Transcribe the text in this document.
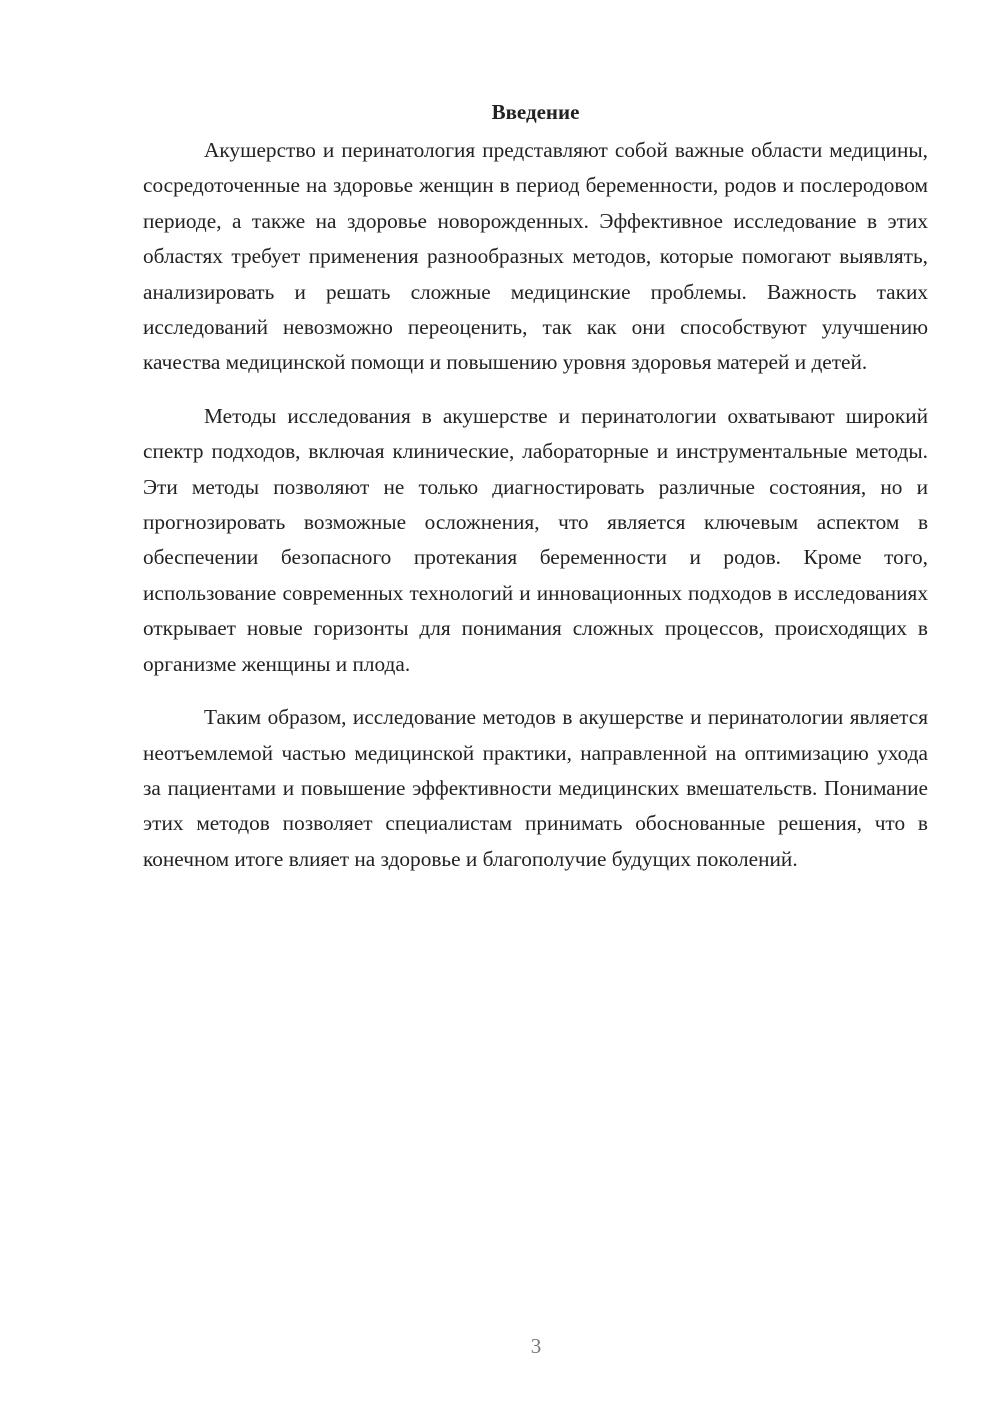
Введение

Акушерство и перинатология представляют собой важные области медицины, сосредоточенные на здоровье женщин в период беременности, родов и послеродовом периоде, а также на здоровье новорожденных. Эффективное исследование в этих областях требует применения разнообразных методов, которые помогают выявлять, анализировать и решать сложные медицинские проблемы. Важность таких исследований невозможно переоценить, так как они способствуют улучшению качества медицинской помощи и повышению уровня здоровья матерей и детей.

Методы исследования в акушерстве и перинатологии охватывают широкий спектр подходов, включая клинические, лабораторные и инструментальные методы. Эти методы позволяют не только диагностировать различные состояния, но и прогнозировать возможные осложнения, что является ключевым аспектом в обеспечении безопасного протекания беременности и родов. Кроме того, использование современных технологий и инновационных подходов в исследованиях открывает новые горизонты для понимания сложных процессов, происходящих в организме женщины и плода.

Таким образом, исследование методов в акушерстве и перинатологии является неотъемлемой частью медицинской практики, направленной на оптимизацию ухода за пациентами и повышение эффективности медицинских вмешательств. Понимание этих методов позволяет специалистам принимать обоснованные решения, что в конечном итоге влияет на здоровье и благополучие будущих поколений.

3
